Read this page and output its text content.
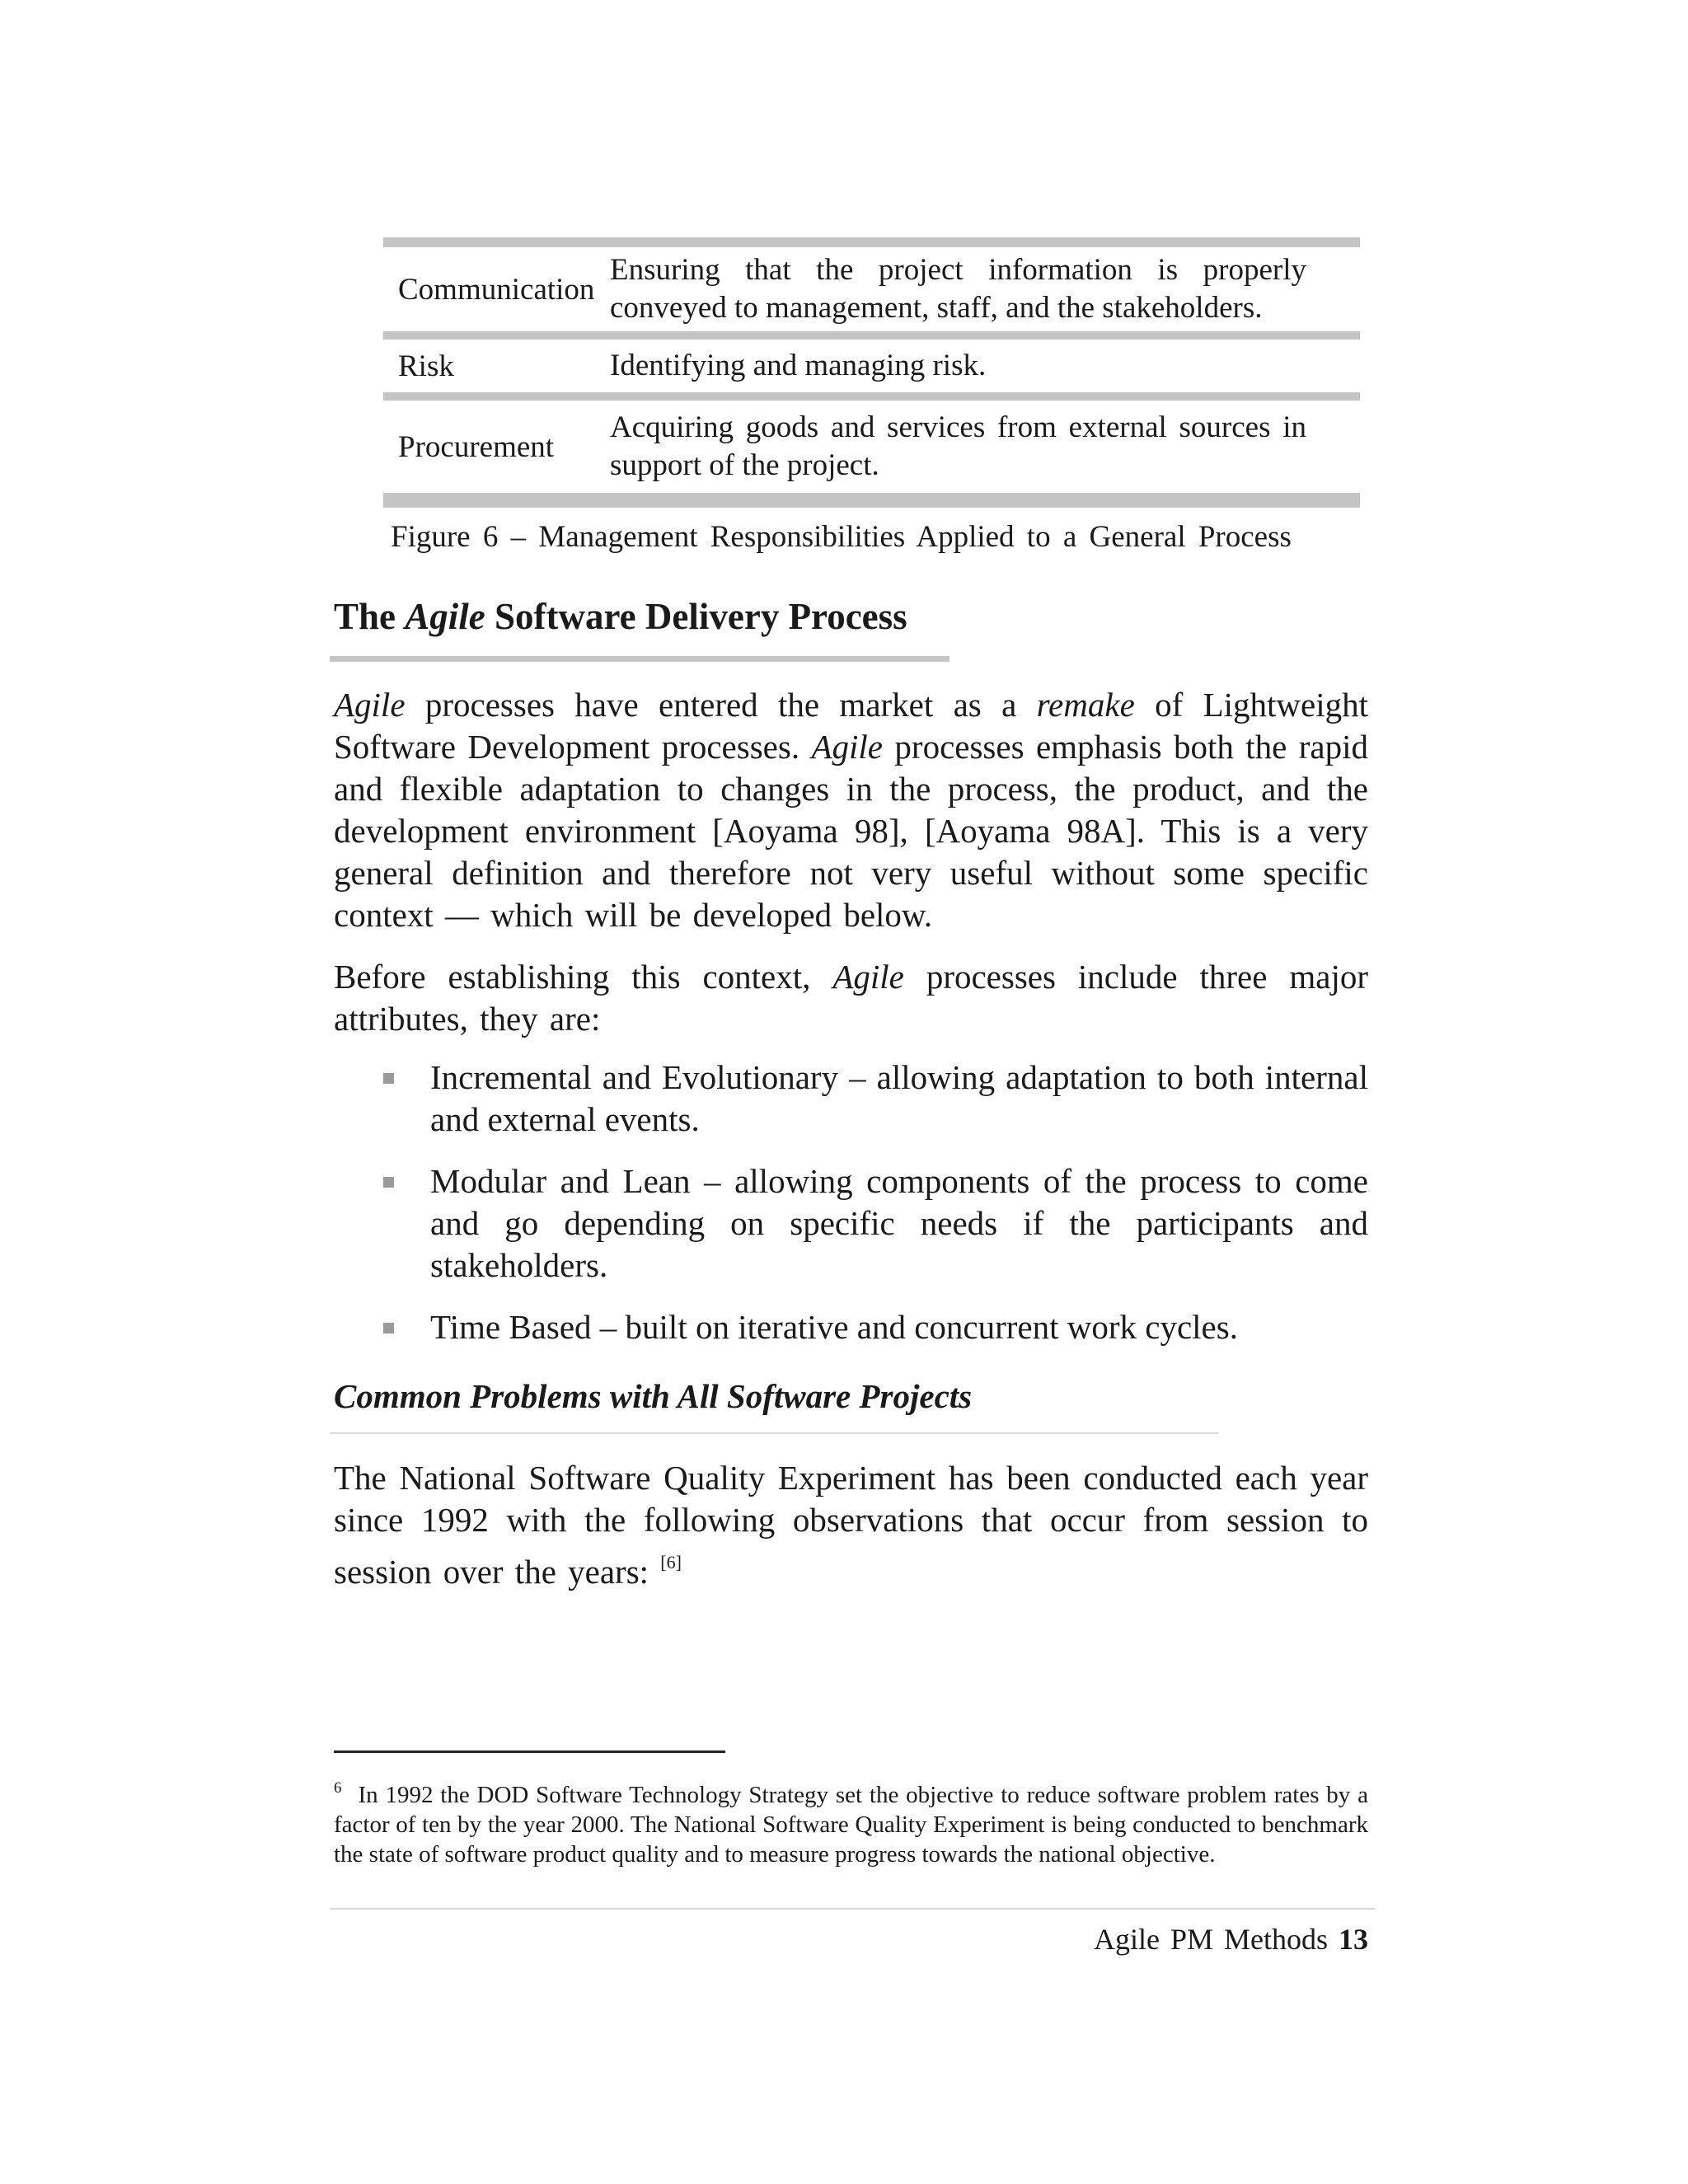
Communication
Ensuring that the project information is properly conveyed to management, staff, and the stakeholders.
Risk	Identifying and managing risk.
Procurement
Acquiring goods and services from external sources in support of the project.
Figure 6 – Management Responsibilities Applied to a General Process
The Agile Software Delivery Process
Agile processes have entered the market as a remake of Lightweight Software Development processes. Agile processes emphasis both the rapid and flexible adaptation to changes in the process, the product, and the development environment [Aoyama 98], [Aoyama 98A]. This is a very general definition and therefore not very useful without some specific context — which will be developed below.
Before establishing this context, Agile processes include three major attributes, they are:
Incremental and Evolutionary – allowing adaptation to both internal and external events.
Modular and Lean – allowing components of the process to come and go depending on specific needs if the participants and stakeholders.
Time Based – built on iterative and concurrent work cycles.
Common Problems with All Software Projects
The National Software Quality Experiment has been conducted each year since 1992 with the following observations that occur from session to session over the years: [6]
$^6$ In 1992 the DOD Software Technology Strategy set the objective to reduce software problem rates by a factor of ten by the year 2000. The National Software Quality Experiment is being conducted to benchmark the state of software product quality and to measure progress towards the national objective.
Agile PM Methods 13
